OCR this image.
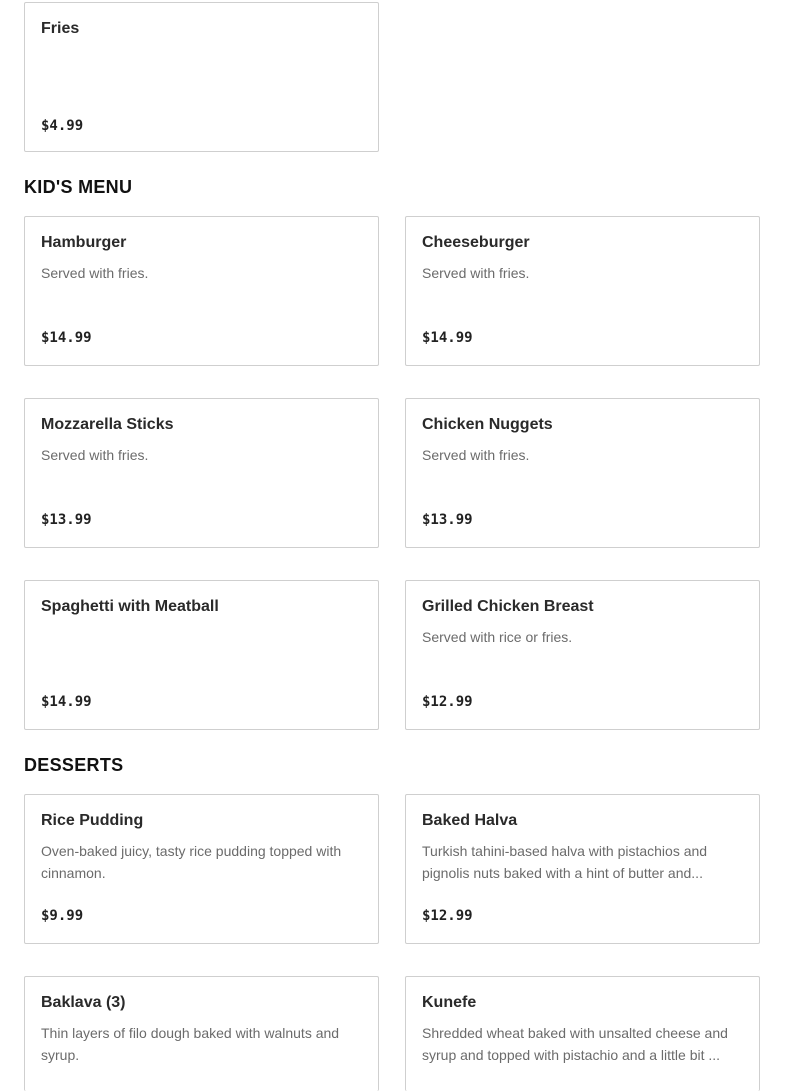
Fries
$4.99
KID'S MENU
Hamburger
Served with fries.
$14.99
Cheeseburger
Served with fries.
$14.99
Mozzarella Sticks
Served with fries.
$13.99
Chicken Nuggets
Served with fries.
$13.99
Spaghetti with Meatball
$14.99
Grilled Chicken Breast
Served with rice or fries.
$12.99
DESSERTS
Rice Pudding
Oven-baked juicy, tasty rice pudding topped with cinnamon.
$9.99
Baked Halva
Turkish tahini-based halva with pistachios and pignolis nuts baked with a hint of butter and...
$12.99
Baklava (3)
Thin layers of filo dough baked with walnuts and syrup.
Kunefe
Shredded wheat baked with unsalted cheese and syrup and topped with pistachio and a little bit ...
